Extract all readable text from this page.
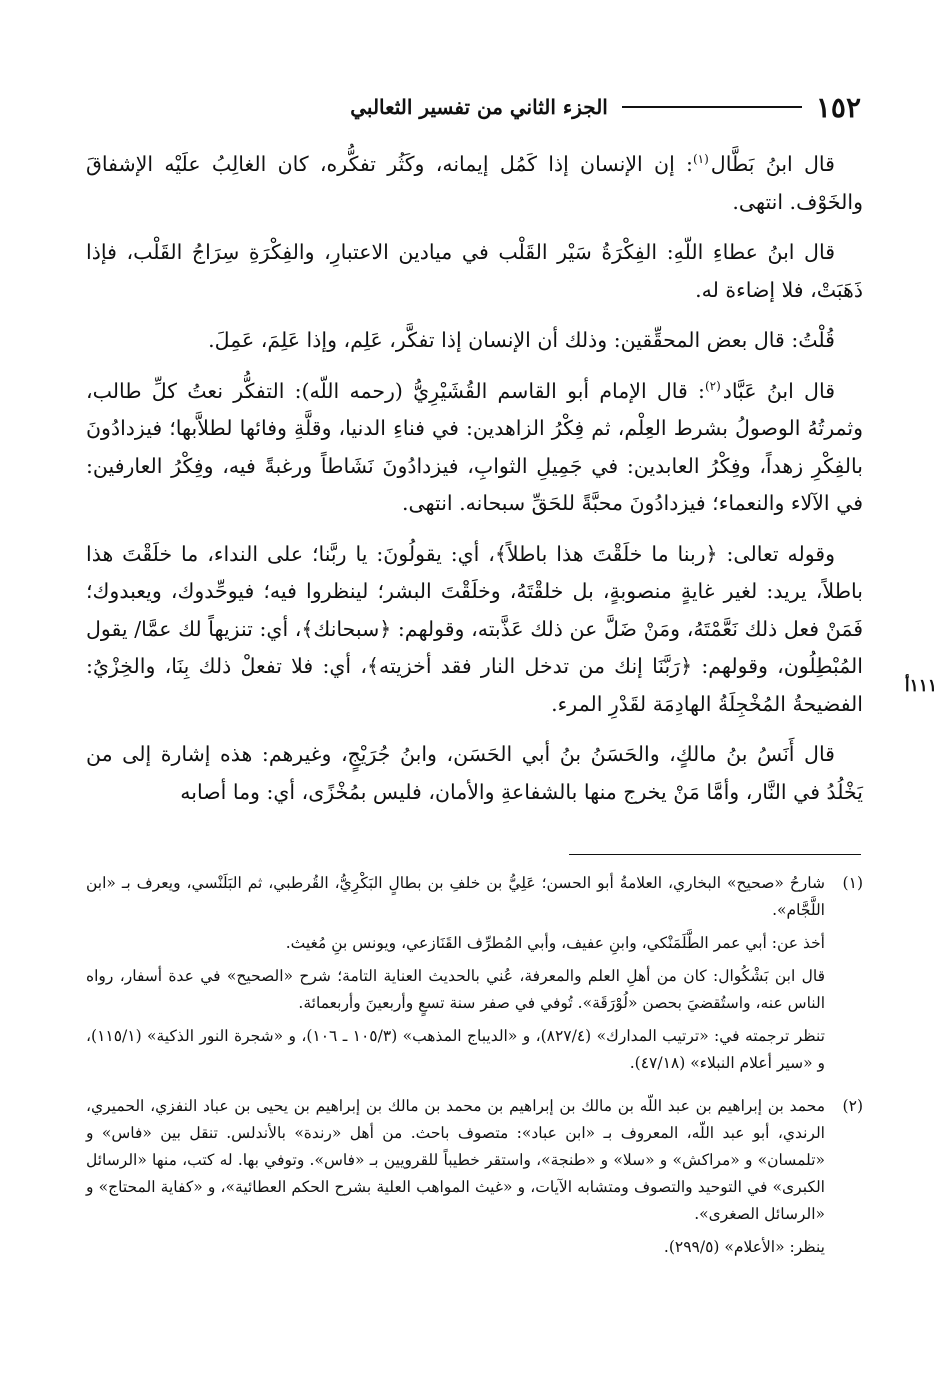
١٥٢
الجزء الثاني من تفسير الثعالبي

قال ابنُ بَطَّال$^{(١)}$: إن الإنسان إذا كَمُل إيمانه، وكَثُر تفكُّره، كان الغالِبُ علَيْه الإشفاقَ والخَوْف. انتهى.

قال ابنُ عطاءِ اللّهِ: الفِكْرَةُ سَيْر القَلْب في ميادين الاعتبارِ، والفِكْرَةِ سِرَاجُ القَلْب، فإذا ذَهَبَتْ، فلا إضاءة له.

قُلْتُ: قال بعض المحقِّقين: وذلك أن الإنسان إذا تفكَّر، عَلِم، وإذا عَلِمَ، عَمِلَ.

قال ابنُ عَبَّاد$^{(٢)}$: قال الإمام أبو القاسم القُشَيْرِيُّ (رحمه اللّه): التفكُّر نعتُ كلِّ طالب، وثمرتُهُ الوصولُ بشرط العِلْم، ثم فِكْرُ الزاهدين: في فناءِ الدنيا، وقلَّةِ وفائها لطلاَّبها؛ فيزدادُونَ بالفِكْرِ زهداً، وفِكْرُ العابدين: في جَمِيلِ الثوابِ، فيزدادُونَ نَشَاطاً ورغبةً فيه، وفِكْرُ العارفين: في الآلاء والنعماء؛ فيزدادُونَ محبَّةً للحَقِّ سبحانه. انتهى.

وقوله تعالى: ﴿ربنا ما خلَقْتَ هذا باطلاً﴾، أي: يقولُونَ: يا ربَّنا؛ على النداء، ما خلَقْتَ هذا باطلاً، يريد: لغير غايةٍ منصوبةٍ، بل خلقْتَهُ، وخلَقْتَ البشر؛ لينظروا فيه؛ فيوحِّدوك، ويعبدوك؛ فَمَنْ فعل ذلك نَعَّمْتَهُ، ومَنْ ضَلَّ عن ذلك عَذَّبته، وقولهم: ﴿سبحانك﴾، أي: تنزيهاً لك عمَّا/ يقول المُبْطِلُون، وقولهم: ﴿رَبَّنَا إنك من تدخل النار فقد أخزيته﴾، أي: فلا تفعلْ ذلك بِنَا، والخِزْيُ: الفضيحةُ المُخْجِلَةُ الهادِمَة لقَدْرِ المرء.

قال أَنَسُ بنُ مالكٍ، والحَسَنُ بنُ أبي الحَسَن، وابنُ جُرَيْجٍ، وغيرهم: هذه إشارة إلى من يَخْلُدُ في النَّار، وأمَّا مَنْ يخرج منها بالشفاعةِ والأمان، فليس بمُخْزًى، أي: وما أصابه

١١١أ
(١)

شارحُ «صحيح» البخاري، العلامةُ أبو الحسن؛ عَلِيُّ بن خلفِ بن بطالٍ البَكْرِيُّ، القُرطبي، ثم البَلَنْسي، ويعرف بـ «ابن اللَّجَّام».

أخذ عن: أبي عمر الطَّلَمَنْكي، وابنِ عفيف، وأبي المُطرِّف القَنَازعي، ويونس بنِ مُغيث.

قال ابن بَشْكُوال: كان من أهلِ العلم والمعرفة، عُني بالحديث العناية التامة؛ شرح «الصحيح» في عدة أسفار، رواه الناس عنه، واستُقضيَ بحصن «لُوْرَقَة». تُوفي في صفر سنة تسعٍ وأربعينَ وأربعمائة.

تنظر ترجمته في: «ترتيب المدارك» (٨٢٧/٤)، و «الديباج المذهب» (١٠٥/٣ ـ ١٠٦)، و «شجرة النور الذكية» (١١٥/١)، و «سير أعلام النبلاء» (٤٧/١٨).

(٢)

محمد بن إبراهيم بن عبد اللّه بن مالك بن إبراهيم بن محمد بن مالك بن إبراهيم بن يحيى بن عباد النفزي، الحميري، الرندي، أبو عبد اللّه، المعروف بـ «ابن عباد»: متصوف باحث. من أهل «رندة» بالأندلس. تنقل بين «فاس» و «تلمسان» و «مراكش» و «سلا» و «طنجة»، واستقر خطيباً للقرويين بـ «فاس». وتوفي بها. له كتب، منها «الرسائل الكبرى» في التوحيد والتصوف ومتشابه الآيات، و «غيث المواهب العلية بشرح الحكم العطائية»، و «كفاية المحتاج» و «الرسائل الصغرى».

ينظر: «الأعلام» (٢٩٩/٥).
